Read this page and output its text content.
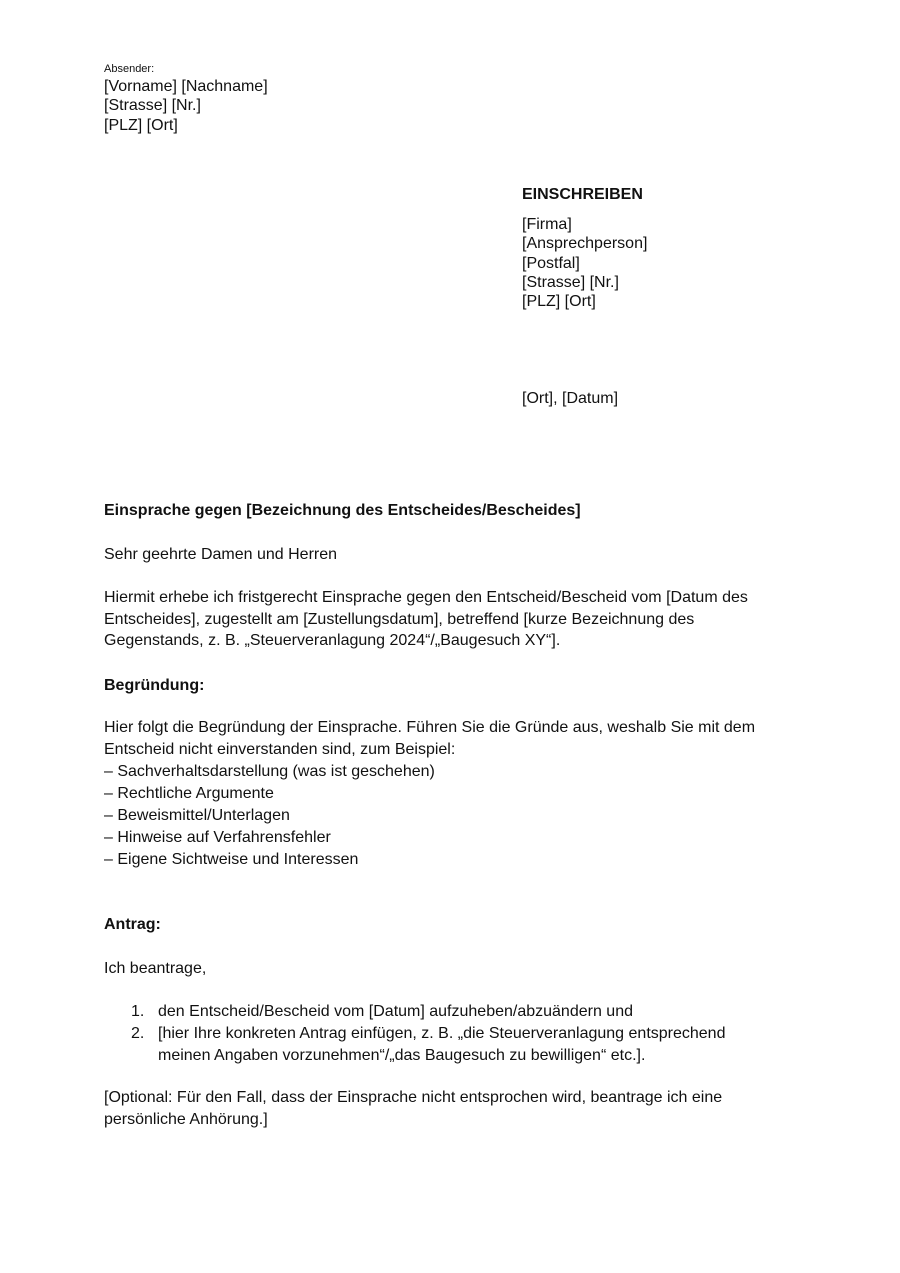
Absender:
[Vorname] [Nachname]
[Strasse] [Nr.]
[PLZ] [Ort]
EINSCHREIBEN
[Firma]
[Ansprechperson]
[Postfal]
[Strasse] [Nr.]
[PLZ] [Ort]
[Ort], [Datum]
Einsprache gegen [Bezeichnung des Entscheides/Bescheides]
Sehr geehrte Damen und Herren
Hiermit erhebe ich fristgerecht Einsprache gegen den Entscheid/Bescheid vom [Datum des
Entscheides], zugestellt am [Zustellungsdatum], betreffend [kurze Bezeichnung des
Gegenstands, z. B. „Steuerveranlagung 2024“/„Baugesuch XY“].
Begründung:
Hier folgt die Begründung der Einsprache. Führen Sie die Gründe aus, weshalb Sie mit dem
Entscheid nicht einverstanden sind, zum Beispiel:
– Sachverhaltsdarstellung (was ist geschehen)
– Rechtliche Argumente
– Beweismittel/Unterlagen
– Hinweise auf Verfahrensfehler
– Eigene Sichtweise und Interessen
Antrag:
Ich beantrage,
1. den Entscheid/Bescheid vom [Datum] aufzuheben/abzuändern und
2. [hier Ihre konkreten Antrag einfügen, z. B. „die Steuerveranlagung entsprechend
meinen Angaben vorzunehmen“/„das Baugesuch zu bewilligen“ etc.].
[Optional: Für den Fall, dass der Einsprache nicht entsprochen wird, beantrage ich eine
persönliche Anhörung.]
